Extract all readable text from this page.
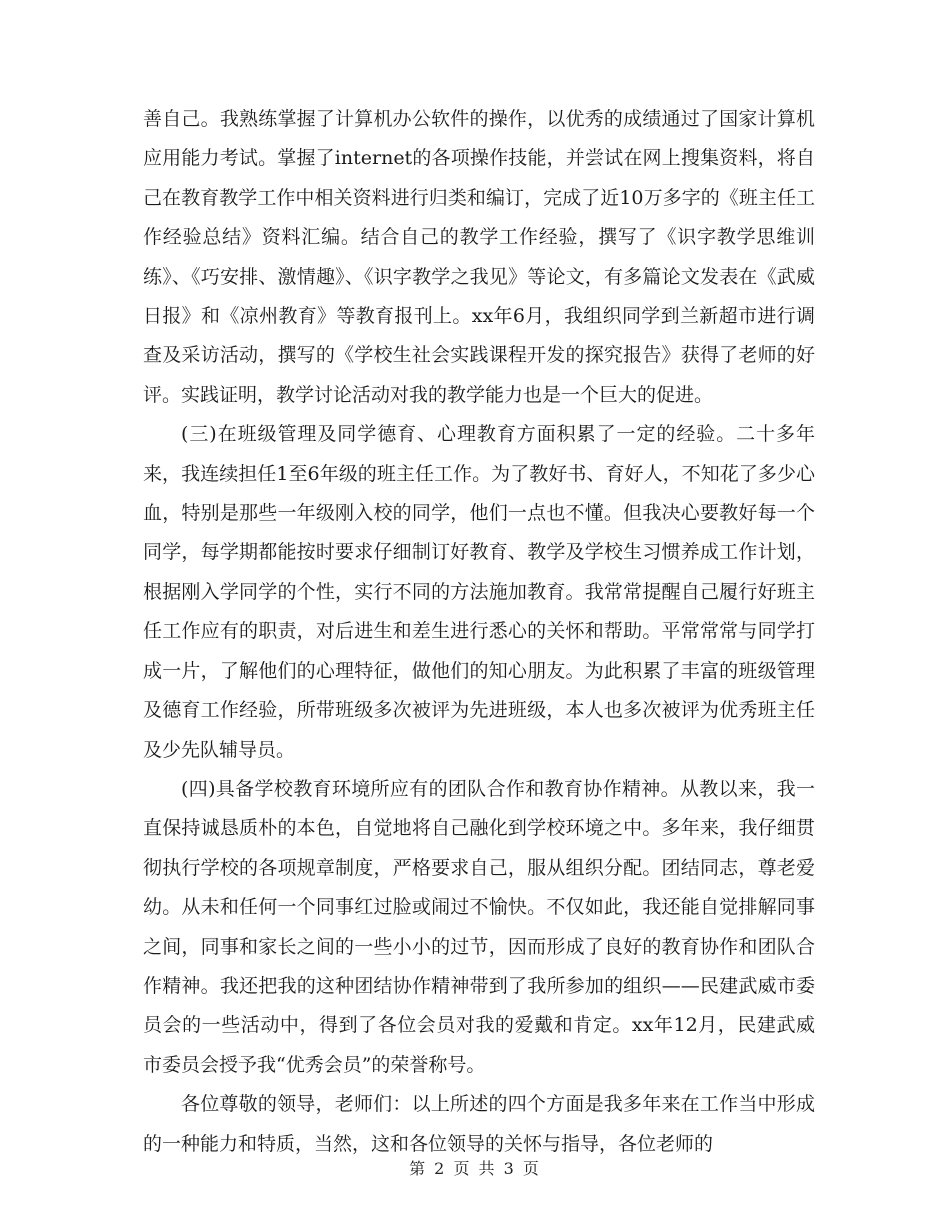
善自己。我熟练掌握了计算机办公软件的操作，以优秀的成绩通过了国家计算机应用能力考试。掌握了internet的各项操作技能，并尝试在网上搜集资料，将自己在教育教学工作中相关资料进行归类和编订，完成了近10万多字的《班主任工作经验总结》资料汇编。结合自己的教学工作经验，撰写了《识字教学思维训练》、《巧安排、激情趣》、《识字教学之我见》等论文，有多篇论文发表在《武威日报》和《凉州教育》等教育报刊上。xx年6月，我组织同学到兰新超市进行调查及采访活动，撰写的《学校生社会实践课程开发的探究报告》获得了老师的好评。实践证明，教学讨论活动对我的教学能力也是一个巨大的促进。

(三)在班级管理及同学德育、心理教育方面积累了一定的经验。二十多年来，我连续担任1至6年级的班主任工作。为了教好书、育好人，不知花了多少心血，特别是那些一年级刚入校的同学，他们一点也不懂。但我决心要教好每一个同学，每学期都能按时要求仔细制订好教育、教学及学校生习惯养成工作计划，根据刚入学同学的个性，实行不同的方法施加教育。我常常提醒自己履行好班主任工作应有的职责，对后进生和差生进行悉心的关怀和帮助。平常常常与同学打成一片，了解他们的心理特征，做他们的知心朋友。为此积累了丰富的班级管理及德育工作经验，所带班级多次被评为先进班级，本人也多次被评为优秀班主任及少先队辅导员。

(四)具备学校教育环境所应有的团队合作和教育协作精神。从教以来，我一直保持诚恳质朴的本色，自觉地将自己融化到学校环境之中。多年来，我仔细贯彻执行学校的各项规章制度，严格要求自己，服从组织分配。团结同志，尊老爱幼。从未和任何一个同事红过脸或闹过不愉快。不仅如此，我还能自觉排解同事之间，同事和家长之间的一些小小的过节，因而形成了良好的教育协作和团队合作精神。我还把我的这种团结协作精神带到了我所参加的组织——民建武威市委员会的一些活动中，得到了各位会员对我的爱戴和肯定。xx年12月，民建武威市委员会授予我“优秀会员”的荣誉称号。

各位尊敬的领导，老师们：以上所述的四个方面是我多年来在工作当中形成的一种能力和特质，当然，这和各位领导的关怀与指导，各位老师的

第 2 页 共 3 页
